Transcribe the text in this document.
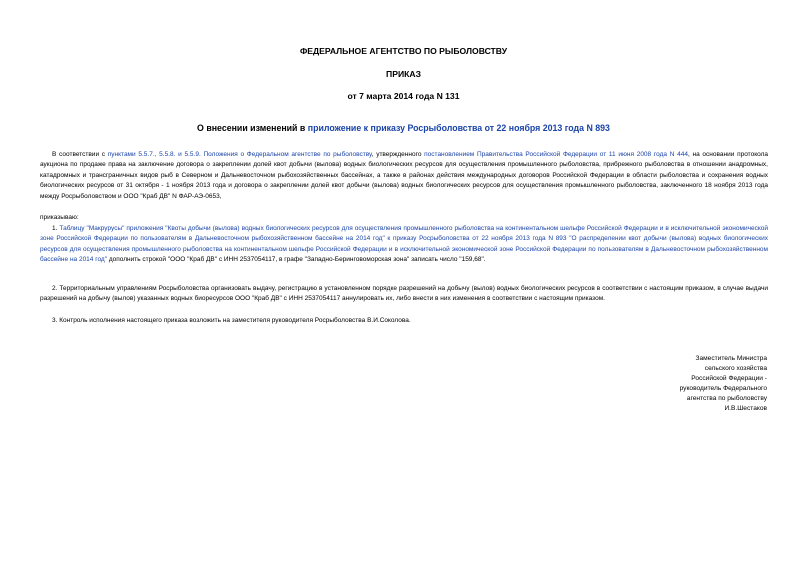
ФЕДЕРАЛЬНОЕ АГЕНТСТВО ПО РЫБОЛОВСТВУ
ПРИКАЗ
от 7 марта 2014 года N 131
О внесении изменений в приложение к приказу Росрыболовства от 22 ноября 2013 года N 893
В соответствии с пунктами 5.5.7., 5.5.8. и 5.5.9. Положения о Федеральном агентстве по рыболовству, утвержденного постановлением Правительства Российской Федерации от 11 июня 2008 года N 444, на основании протокола аукциона по продаже права на заключение договора о закреплении долей квот добычи (вылова) водных биологических ресурсов для осуществления промышленного рыболовства, прибрежного рыболовства в отношении анадромных, катадромных и трансграничных видов рыб в Северном и Дальневосточном рыбохозяйственных бассейнах, а также в районах действия международных договоров Российской Федерации в области рыболовства и сохранения водных биологических ресурсов от 31 октября - 1 ноября 2013 года и договора о закреплении долей квот добычи (вылова) водных биологических ресурсов для осуществления промышленного рыболовства, заключенного 18 ноября 2013 года между Росрыболовством и ООО "Краб ДВ" N ФАР-АЭ-0653,
приказываю:
1. Таблицу "Макрурусы" приложения "Квоты добычи (вылова) водных биологических ресурсов для осуществления промышленного рыболовства на континентальном шельфе Российской Федерации и в исключительной экономической зоне Российской Федерации по пользователям в Дальневосточном рыбохозяйственном бассейне на 2014 год" к приказу Росрыболовства от 22 ноября 2013 года N 893 "О распределении квот добычи (вылова) водных биологических ресурсов для осуществления промышленного рыболовства на континентальном шельфе Российской Федерации и в исключительной экономической зоне Российской Федерации по пользователям в Дальневосточном рыбохозяйственном бассейне на 2014 год" дополнить строкой "ООО "Краб ДВ" с ИНН 2537054117, в графе "Западно-Беринговоморская зона" записать число "159,68".
2. Территориальным управлениям Росрыболовства организовать выдачу, регистрацию в установленном порядке разрешений на добычу (вылов) водных биологических ресурсов в соответствии с настоящим приказом, в случае выдачи разрешений на добычу (вылов) указанных водных биоресурсов ООО "Краб ДВ" с ИНН 2537054117 аннулировать их, либо внести в них изменения в соответствии с настоящим приказом.
3. Контроль исполнения настоящего приказа возложить на заместителя руководителя Росрыболовства В.И.Соколова.
Заместитель Министра
сельского хозяйства
Российской Федерации -
руководитель Федерального
агентства по рыболовству
И.В.Шестаков
